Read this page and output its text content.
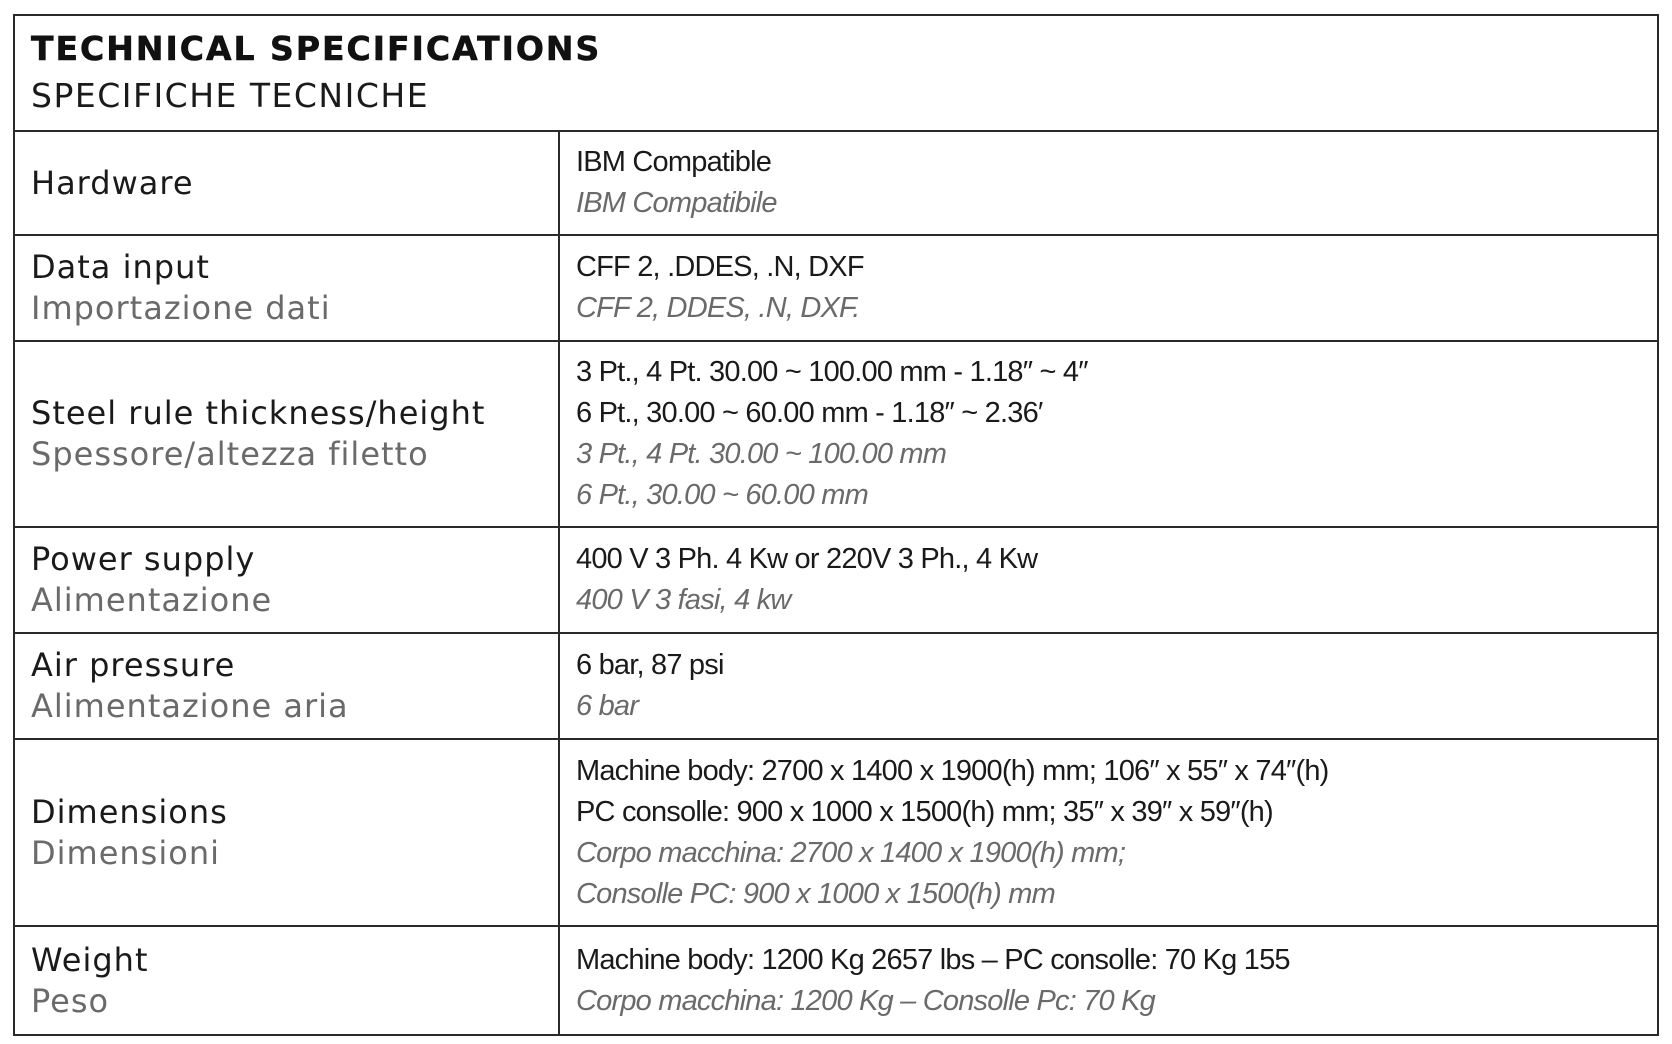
TECHNICAL SPECIFICATIONS
SPECIFICHE TECNICHE
Hardware
IBM Compatible
IBM Compatibile
Data input
Importazione dati
CFF 2, .DDES, .N, DXF
CFF 2, DDES, .N, DXF.
Steel rule thickness/height
Spessore/altezza filetto
3 Pt., 4 Pt. 30.00 ~ 100.00 mm - 1.18″ ~ 4″
6 Pt., 30.00 ~ 60.00 mm - 1.18″ ~ 2.36′
3 Pt., 4 Pt. 30.00 ~ 100.00 mm
6 Pt., 30.00 ~ 60.00 mm
Power supply
Alimentazione
400 V 3 Ph. 4 Kw or 220V 3 Ph., 4 Kw
400 V 3 fasi, 4 kw
Air pressure
Alimentazione aria
6 bar, 87 psi
6 bar
Dimensions
Dimensioni
Machine body: 2700 x 1400 x 1900(h) mm; 106″ x 55″ x 74″(h)
PC consolle: 900 x 1000 x 1500(h) mm; 35″ x 39″ x 59″(h)
Corpo macchina: 2700 x 1400 x 1900(h) mm;
Consolle PC: 900 x 1000 x 1500(h) mm
Weight
Peso
Machine body: 1200 Kg 2657 lbs – PC consolle: 70 Kg 155
Corpo macchina: 1200 Kg – Consolle Pc: 70 Kg
